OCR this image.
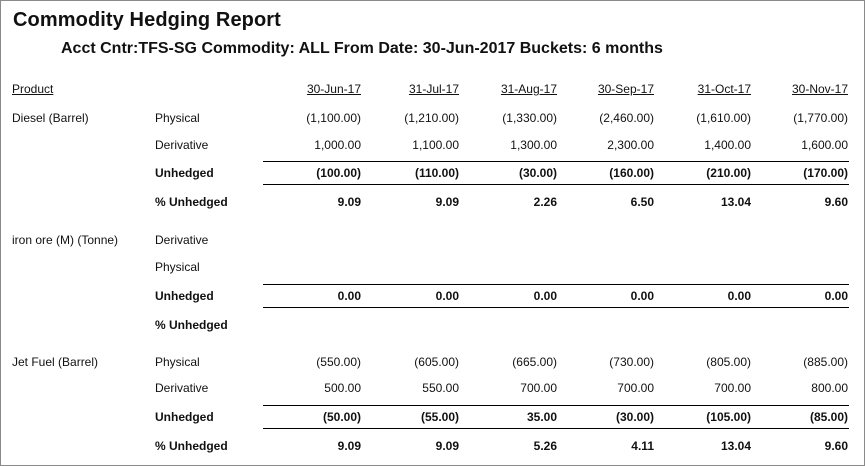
Commodity Hedging Report
Acct Cntr:TFS-SG Commodity: ALL From Date: 30-Jun-2017 Buckets: 6 months
Product	30-Jun-17	31-Jul-17	31-Aug-17	30-Sep-17	31-Oct-17	30-Nov-17
Diesel (Barrel)	Physical	(1,100.00)	(1,210.00)	(1,330.00)	(2,460.00)	(1,610.00)	(1,770.00)
Derivative	1,000.00	1,100.00	1,300.00	2,300.00	1,400.00	1,600.00
Unhedged	(100.00)	(110.00)	(30.00)	(160.00)	(210.00)	(170.00)
% Unhedged	9.09	9.09	2.26	6.50	13.04	9.60
iron ore (M) (Tonne)	Derivative
Physical
Unhedged	0.00	0.00	0.00	0.00	0.00	0.00
% Unhedged
Jet Fuel (Barrel)	Physical	(550.00)	(605.00)	(665.00)	(730.00)	(805.00)	(885.00)
Derivative	500.00	550.00	700.00	700.00	700.00	800.00
Unhedged	(50.00)	(55.00)	35.00	(30.00)	(105.00)	(85.00)
% Unhedged	9.09	9.09	5.26	4.11	13.04	9.60
